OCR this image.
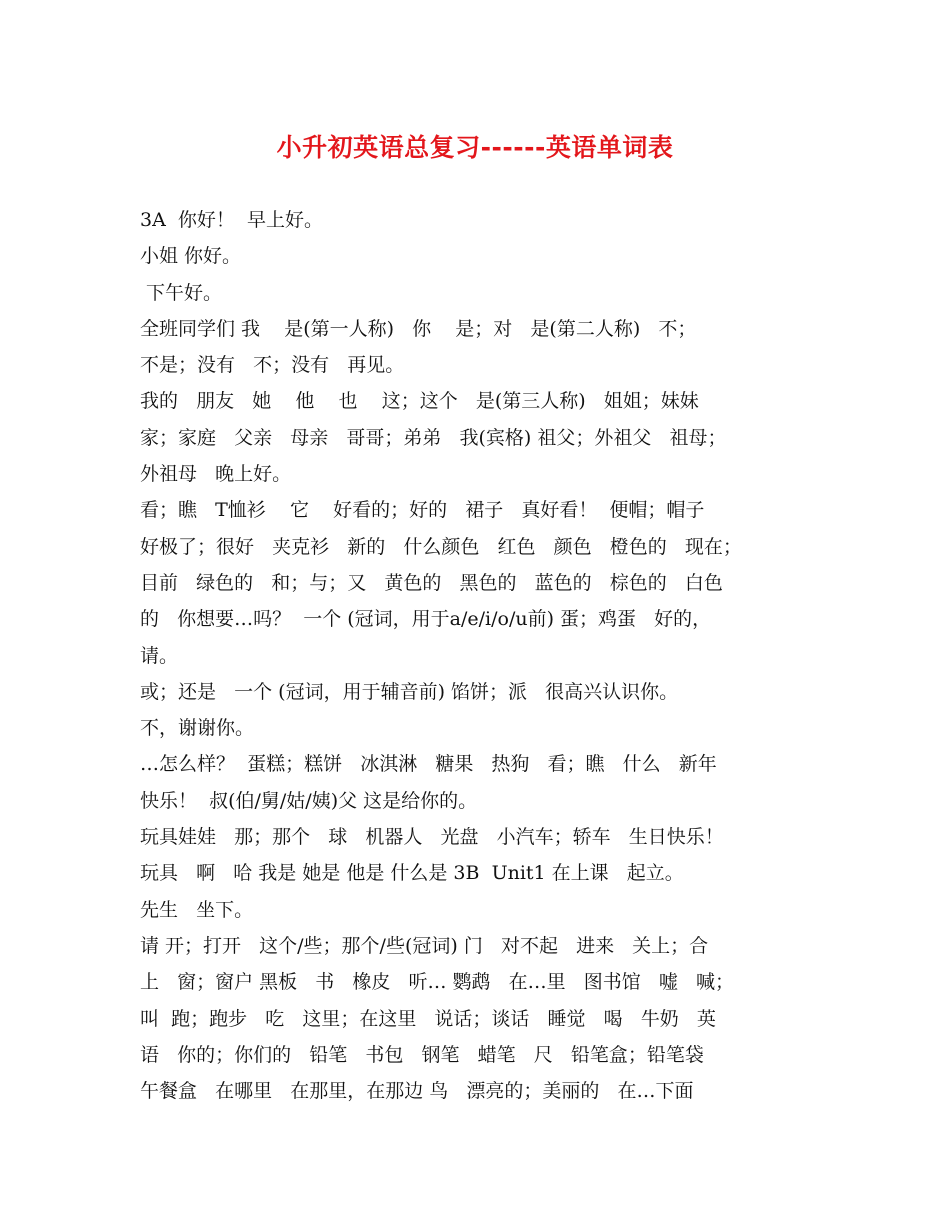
小升初英语总复习------英语单词表
3A  你好！  早上好。
小姐 你好。
下午好。
全班同学们 我    是(第一人称)   你    是；对   是(第二人称)   不；
不是；没有   不；没有   再见。
我的   朋友   她    他    也    这；这个   是(第三人称)   姐姐；妹妹
家；家庭   父亲   母亲   哥哥；弟弟   我(宾格) 祖父；外祖父   祖母；
外祖母   晚上好。
看；瞧   T恤衫    它    好看的；好的   裙子   真好看！  便帽；帽子
好极了；很好   夹克衫   新的   什么颜色   红色   颜色   橙色的   现在；
目前   绿色的   和；与；又   黄色的   黑色的   蓝色的   棕色的   白色
的   你想要…吗？  一个 (冠词，用于a/e/i/o/u前) 蛋；鸡蛋   好的，
请。
或；还是   一个 (冠词，用于辅音前) 馅饼；派   很高兴认识你。
不，谢谢你。
…怎么样？  蛋糕；糕饼   冰淇淋   糖果   热狗   看；瞧   什么   新年
快乐！  叔(伯/舅/姑/姨)父 这是给你的。
玩具娃娃   那；那个   球   机器人   光盘   小汽车；轿车   生日快乐！
玩具   啊   哈 我是 她是 他是 什么是 3B  Unit1 在上课   起立。
先生   坐下。
请 开；打开   这个/些；那个/些(冠词) 门   对不起   进来   关上；合
上   窗；窗户 黑板   书   橡皮   听… 鹦鹉   在…里   图书馆   嘘   喊；
叫  跑；跑步   吃   这里；在这里   说话；谈话   睡觉   喝   牛奶   英
语   你的；你们的   铅笔   书包   钢笔   蜡笔   尺   铅笔盒；铅笔袋
午餐盒   在哪里   在那里，在那边 鸟   漂亮的；美丽的   在…下面
